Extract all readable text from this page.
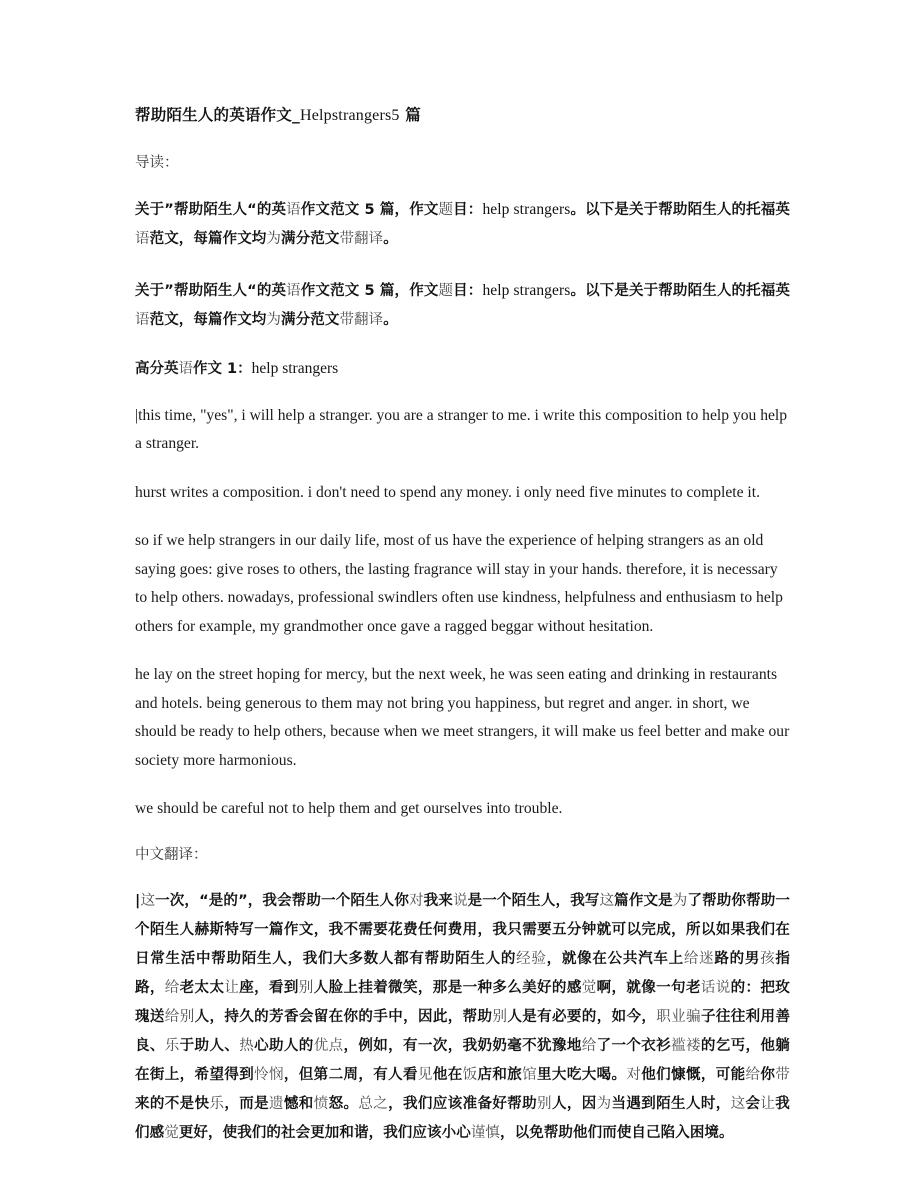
帮助陌生人的英语作文_Helpstrangers5 篇

导读：

关于”帮助陌生人“的英语作文范文 5 篇，作文题目：help strangers。以下是关于帮助陌生人的托福英语范文，每篇作文均为满分范文带翻译。

关于”帮助陌生人“的英语作文范文 5 篇，作文题目：help strangers。以下是关于帮助陌生人的托福英语范文，每篇作文均为满分范文带翻译。

高分英语作文 1：help strangers

|this time, "yes", i will help a stranger. you are a stranger to me. i write this composition to help you help a stranger.

hurst writes a composition. i don't need to spend any money. i only need five minutes to complete it.

so if we help strangers in our daily life, most of us have the experience of helping strangers as an old saying goes: give roses to others, the lasting fragrance will stay in your hands. therefore, it is necessary to help others. nowadays, professional swindlers often use kindness, helpfulness and enthusiasm to help others for example, my grandmother once gave a ragged beggar without hesitation.

he lay on the street hoping for mercy, but the next week, he was seen eating and drinking in restaurants and hotels. being generous to them may not bring you happiness, but regret and anger. in short, we should be ready to help others, because when we meet strangers, it will make us feel better and make our society more harmonious.

we should be careful not to help them and get ourselves into trouble.

中文翻译：

|这一次，“是的”，我会帮助一个陌生人你对我来说是一个陌生人，我写这篇作文是为了帮助你帮助一个陌生人赫斯特写一篇作文，我不需要花费任何费用，我只需要五分钟就可以完成，所以如果我们在日常生活中帮助陌生人，我们大多数人都有帮助陌生人的经验，就像在公共汽车上给迷路的男孩指路，给老太太让座，看到别人脸上挂着微笑，那是一种多么美好的感觉啊，就像一句老话说的：把玫瑰送给别人，持久的芳香会留在你的手中，因此，帮助别人是有必要的，如今，职业骗子往往利用善良、乐于助人、热心助人的优点，例如，有一次，我奶奶毫不犹豫地给了一个衣衫褴褛的乞丐，他躺在街上，希望得到怜悯，但第二周，有人看见他在饭店和旅馆里大吃大喝。对他们慷慨，可能给你带来的不是快乐，而是遗憾和愤怒。总之，我们应该准备好帮助别人，因为当遇到陌生人时，这会让我们感觉更好，使我们的社会更加和谐，我们应该小心谨慎，以免帮助他们而使自己陷入困境。
